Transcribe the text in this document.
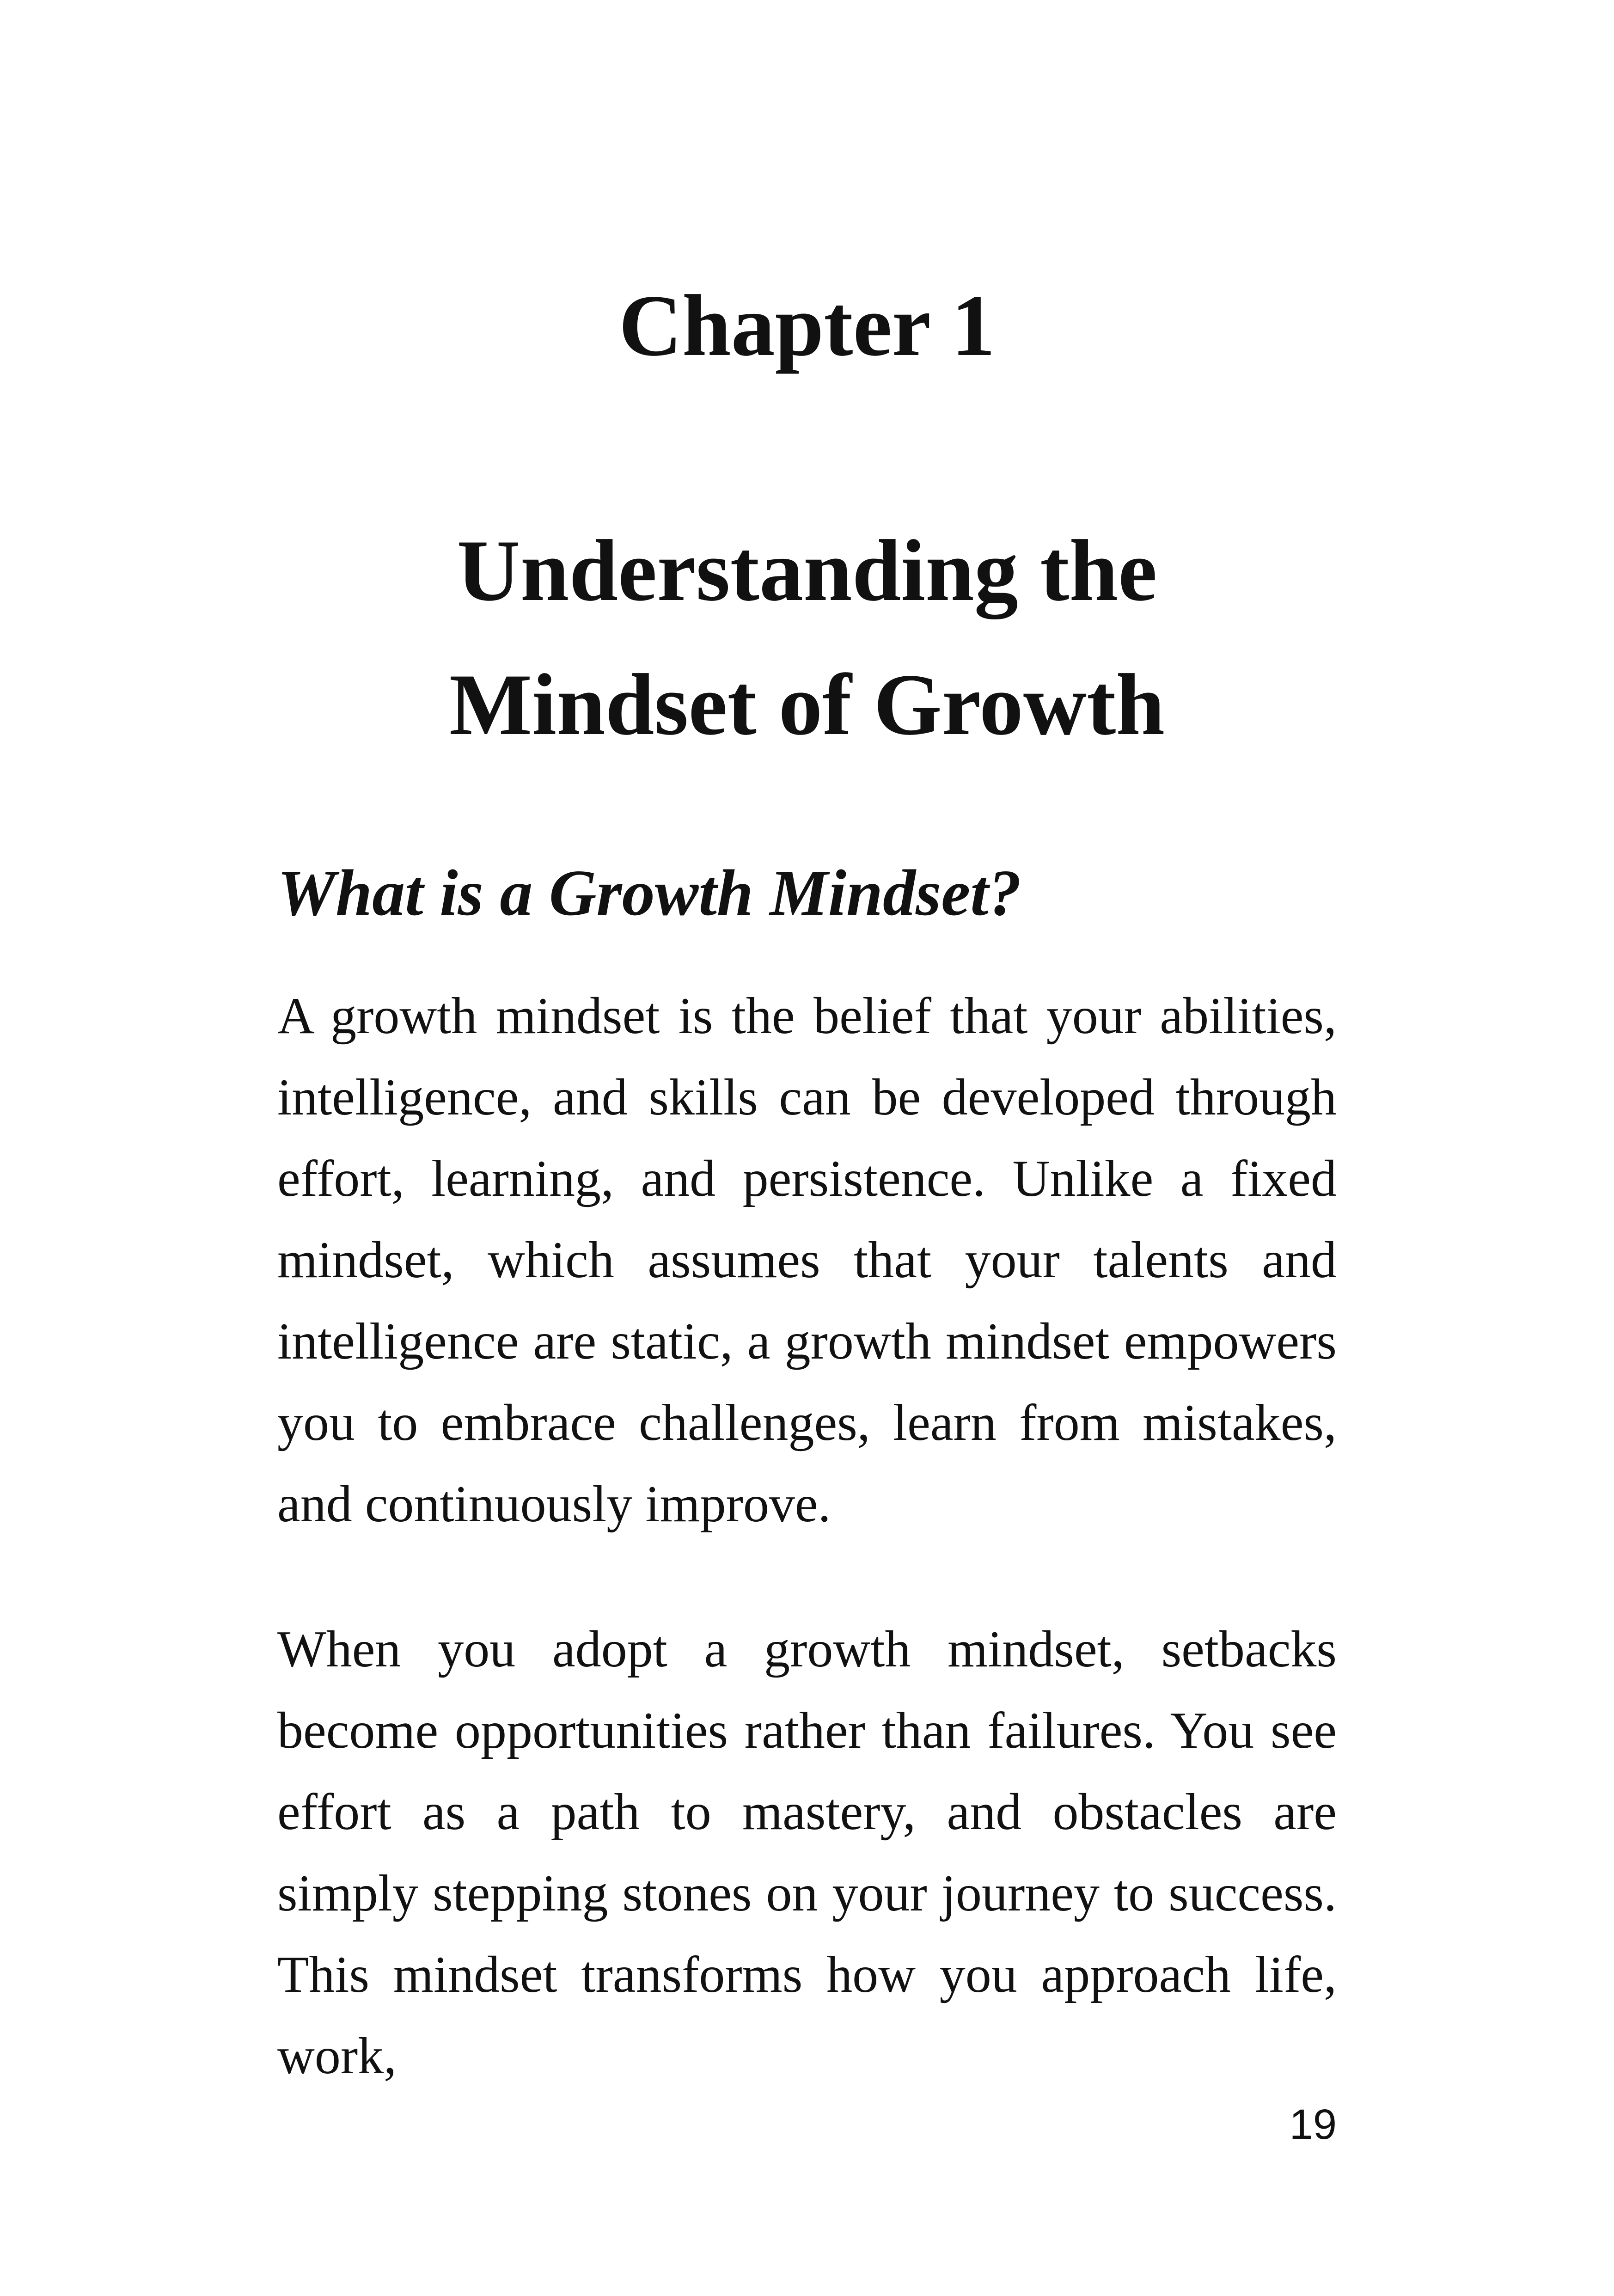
Chapter 1
Understanding the
Mindset of Growth
What is a Growth Mindset?

A growth mindset is the belief that your abilities, intelligence, and skills can be developed through effort, learning, and persistence. Unlike a fixed mindset, which assumes that your talents and intelligence are static, a growth mindset empowers you to embrace challenges, learn from mistakes, and continuously improve.

When you adopt a growth mindset, setbacks become opportunities rather than failures. You see effort as a path to mastery, and obstacles are simply stepping stones on your journey to success. This mindset transforms how you approach life, work,

19
